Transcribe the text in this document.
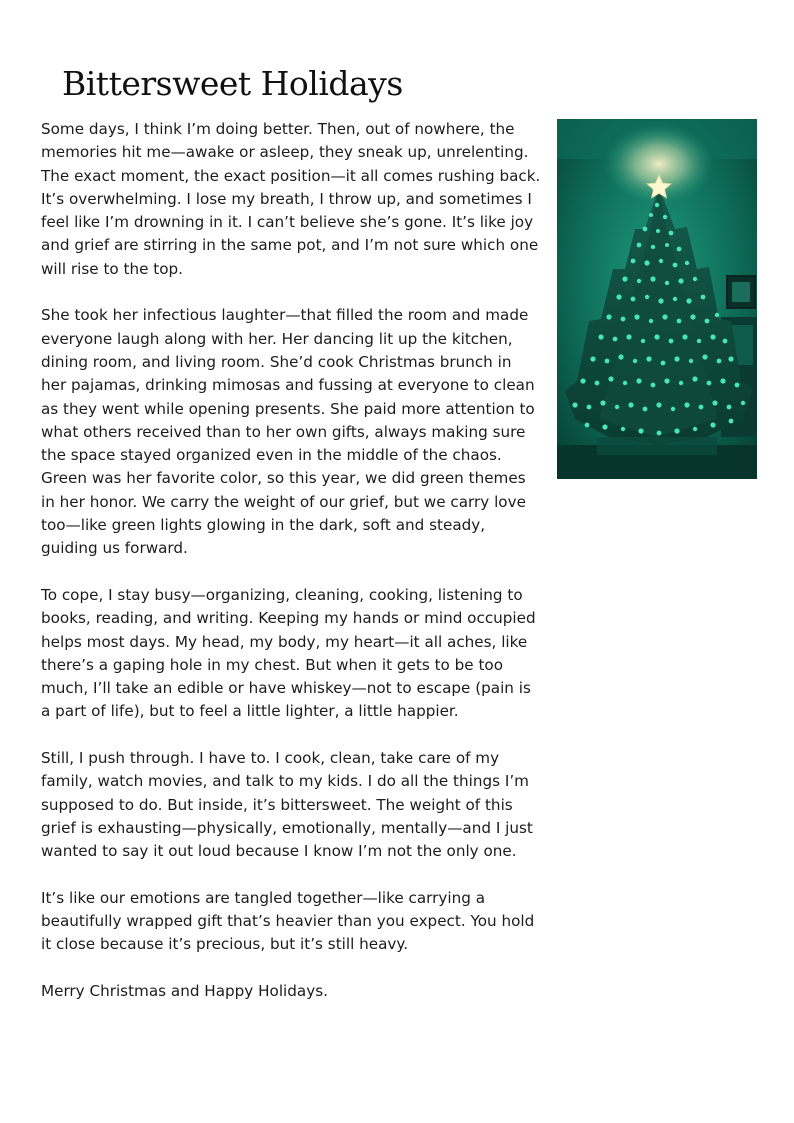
Bittersweet Holidays

Some days, I think I’m doing better. Then, out of nowhere, the memories hit me—awake or asleep, they sneak up, unrelenting. The exact moment, the exact position—it all comes rushing back. It’s overwhelming. I lose my breath, I throw up, and sometimes I feel like I’m drowning in it. I can’t believe she’s gone. It’s like joy and grief are stirring in the same pot, and I’m not sure which one will rise to the top.

She took her infectious laughter—that filled the room and made everyone laugh along with her. Her dancing lit up the kitchen, dining room, and living room. She’d cook Christmas brunch in her pajamas, drinking mimosas and fussing at everyone to clean as they went while opening presents. She paid more attention to what others received than to her own gifts, always making sure the space stayed organized even in the middle of the chaos. Green was her favorite color, so this year, we did green themes in her honor. We carry the weight of our grief, but we carry love too—like green lights glowing in the dark, soft and steady, guiding us forward.

To cope, I stay busy—organizing, cleaning, cooking, listening to books, reading, and writing. Keeping my hands or mind occupied helps most days. My head, my body, my heart—it all aches, like there’s a gaping hole in my chest. But when it gets to be too much, I’ll take an edible or have whiskey—not to escape (pain is a part of life), but to feel a little lighter, a little happier.

Still, I push through. I have to. I cook, clean, take care of my family, watch movies, and talk to my kids. I do all the things I’m supposed to do. But inside, it’s bittersweet. The weight of this grief is exhausting—physically, emotionally, mentally—and I just wanted to say it out loud because I know I’m not the only one.

It’s like our emotions are tangled together—like carrying a beautifully wrapped gift that’s heavier than you expect. You hold it close because it’s precious, but it’s still heavy.

Merry Christmas and Happy Holidays.
